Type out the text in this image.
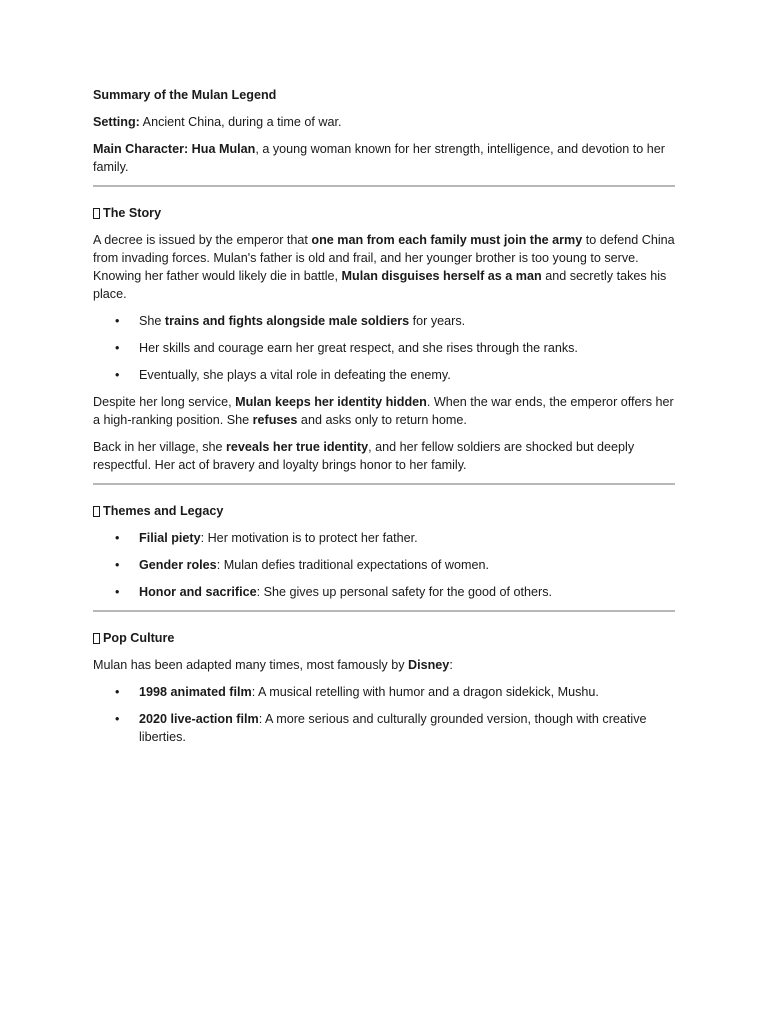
Summary of the Mulan Legend

Setting: Ancient China, during a time of war.

Main Character: Hua Mulan, a young woman known for her strength, intelligence, and devotion to her family.

The Story

A decree is issued by the emperor that one man from each family must join the army to defend China from invading forces. Mulan's father is old and frail, and her younger brother is too young to serve. Knowing her father would likely die in battle, Mulan disguises herself as a man and secretly takes his place.

• She trains and fights alongside male soldiers for years.
• Her skills and courage earn her great respect, and she rises through the ranks.
• Eventually, she plays a vital role in defeating the enemy.

Despite her long service, Mulan keeps her identity hidden. When the war ends, the emperor offers her a high-ranking position. She refuses and asks only to return home.

Back in her village, she reveals her true identity, and her fellow soldiers are shocked but deeply respectful. Her act of bravery and loyalty brings honor to her family.

Themes and Legacy
• Filial piety: Her motivation is to protect her father.
• Gender roles: Mulan defies traditional expectations of women.
• Honor and sacrifice: She gives up personal safety for the good of others.
Pop Culture

Mulan has been adapted many times, most famously by Disney:

• 1998 animated film: A musical retelling with humor and a dragon sidekick, Mushu.
• 2020 live-action film: A more serious and culturally grounded version, though with creative liberties.
